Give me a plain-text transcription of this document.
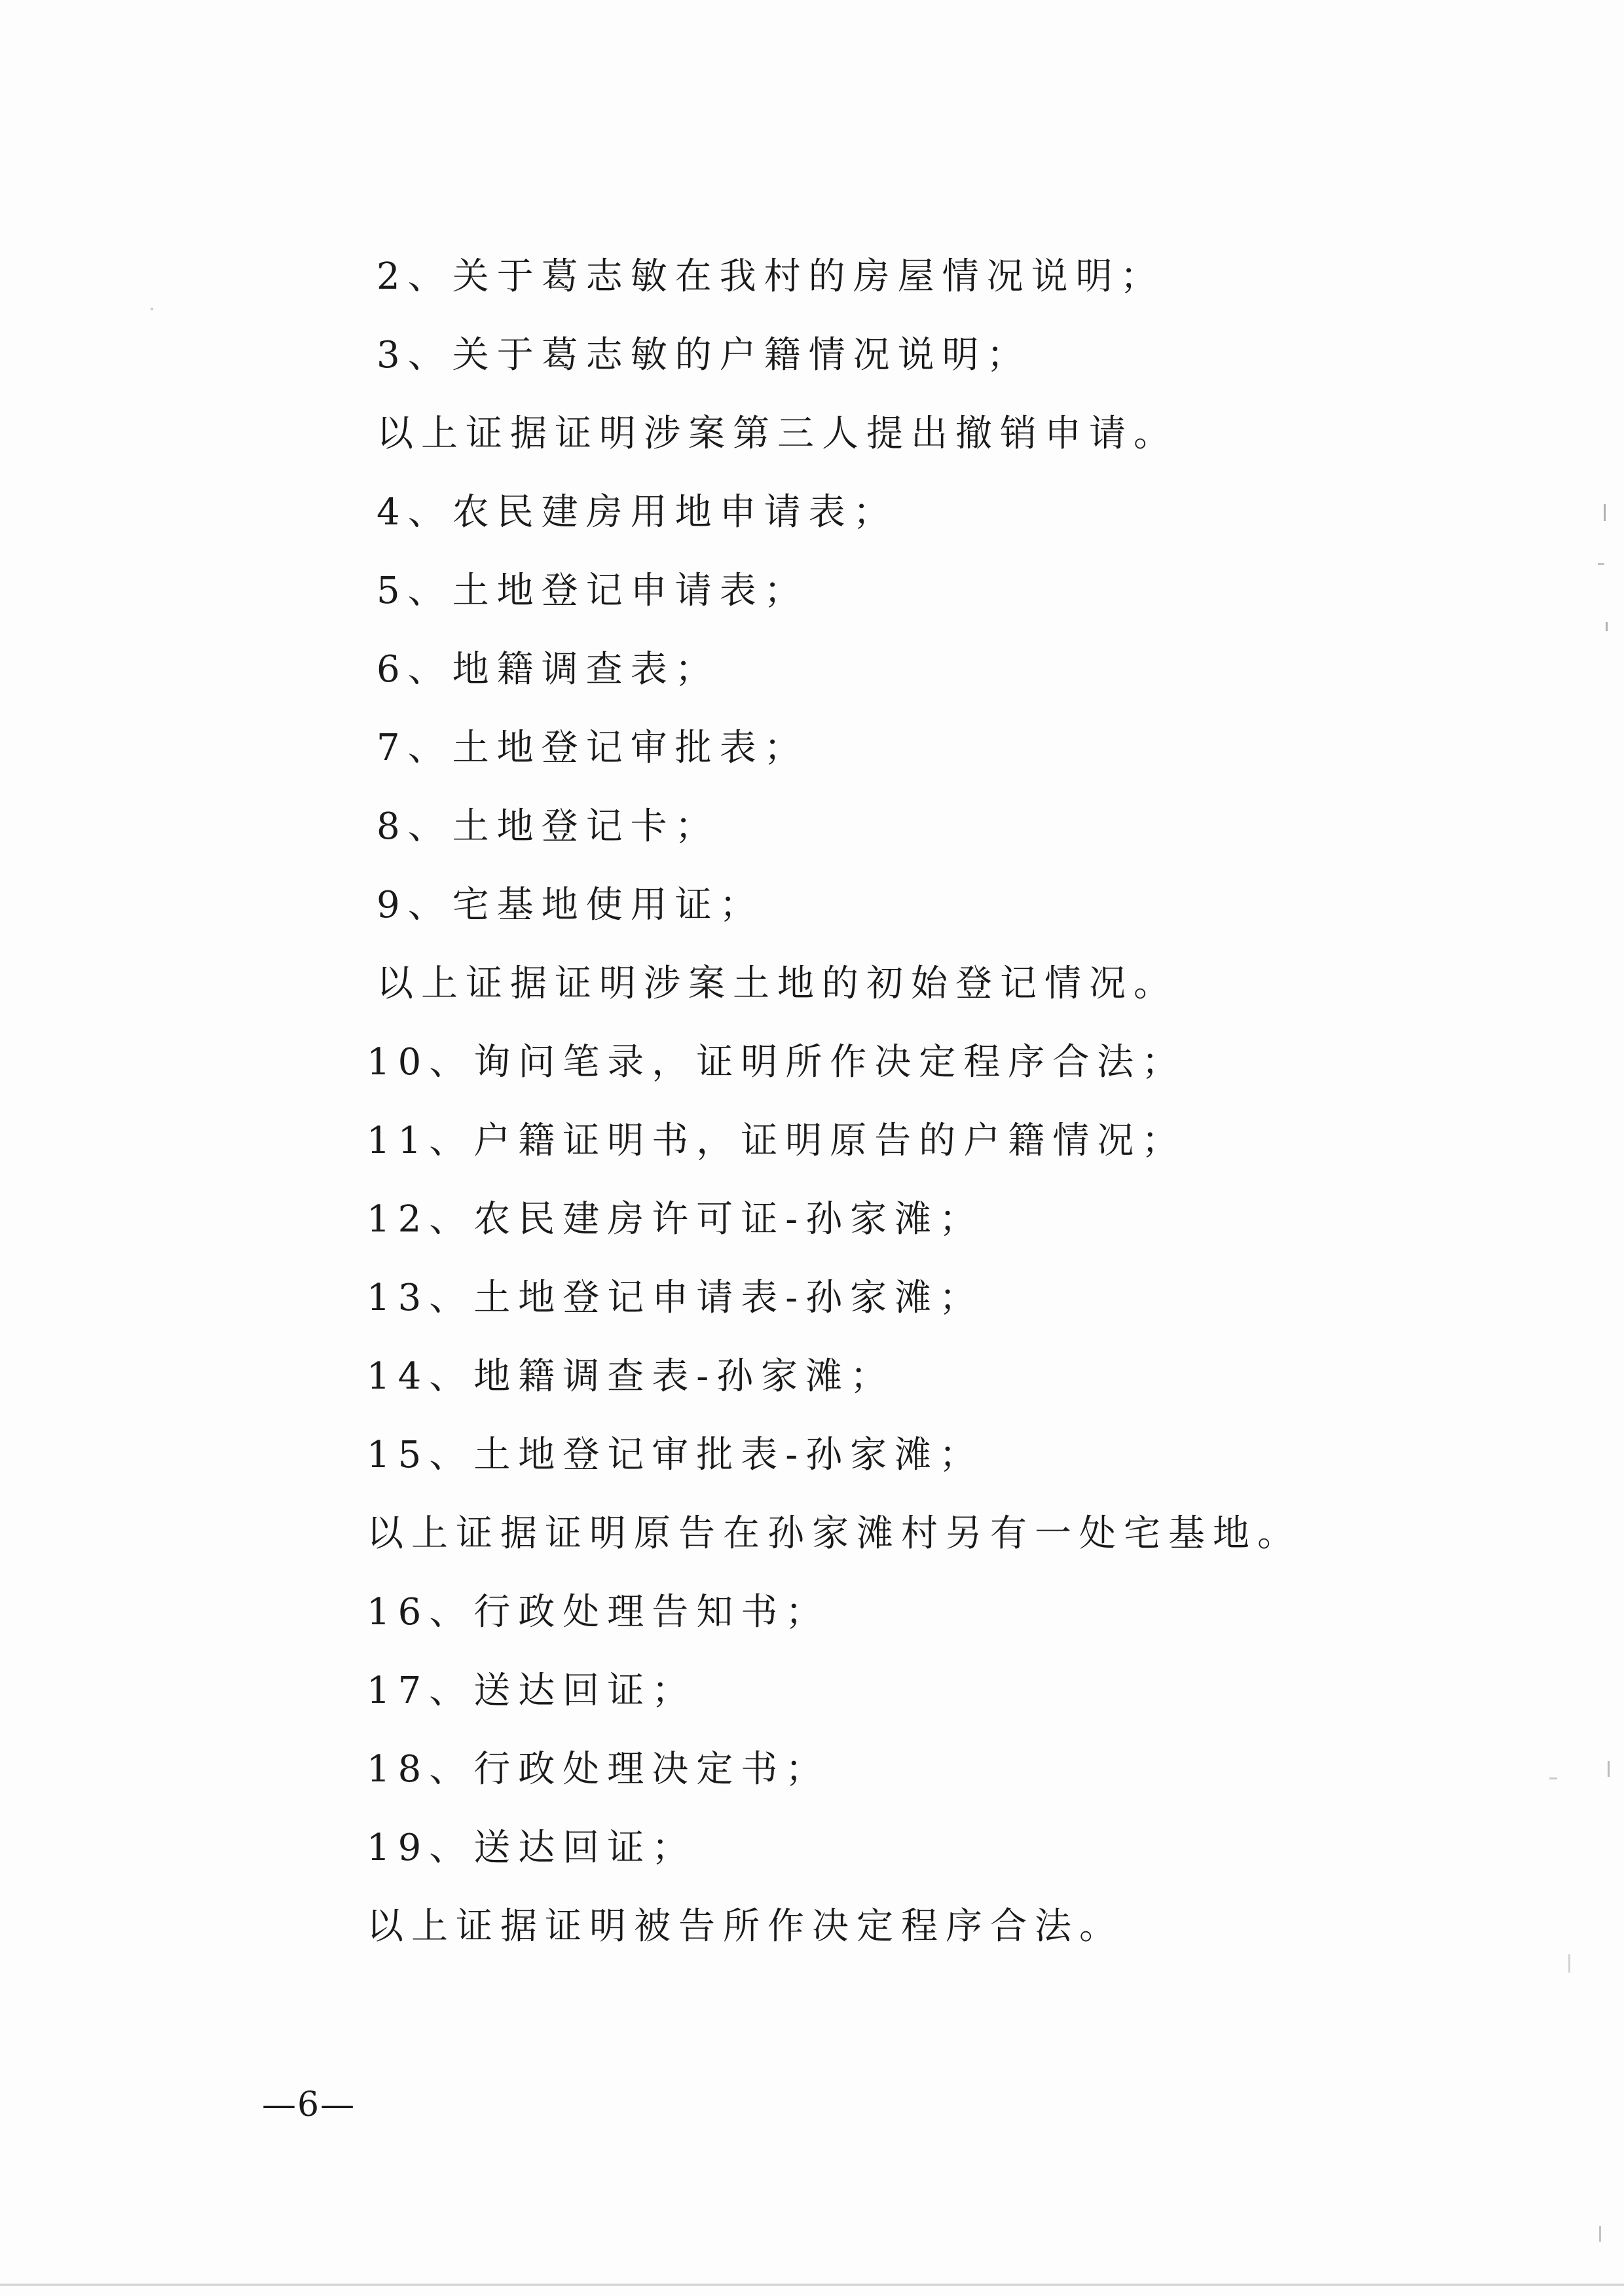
2、关于葛志敏在我村的房屋情况说明；
3、关于葛志敏的户籍情况说明；
以上证据证明涉案第三人提出撤销申请。
4、农民建房用地申请表；
5、土地登记申请表；
6、地籍调查表；
7、土地登记审批表；
8、土地登记卡；
9、宅基地使用证；
以上证据证明涉案土地的初始登记情况。
10、询问笔录，证明所作决定程序合法；
11、户籍证明书，证明原告的户籍情况；
12、农民建房许可证-孙家滩；
13、土地登记申请表-孙家滩；
14、地籍调查表-孙家滩；
15、土地登记审批表-孙家滩；
以上证据证明原告在孙家滩村另有一处宅基地。
16、行政处理告知书；
17、送达回证；
18、行政处理决定书；
19、送达回证；
以上证据证明被告所作决定程序合法。
—6—
